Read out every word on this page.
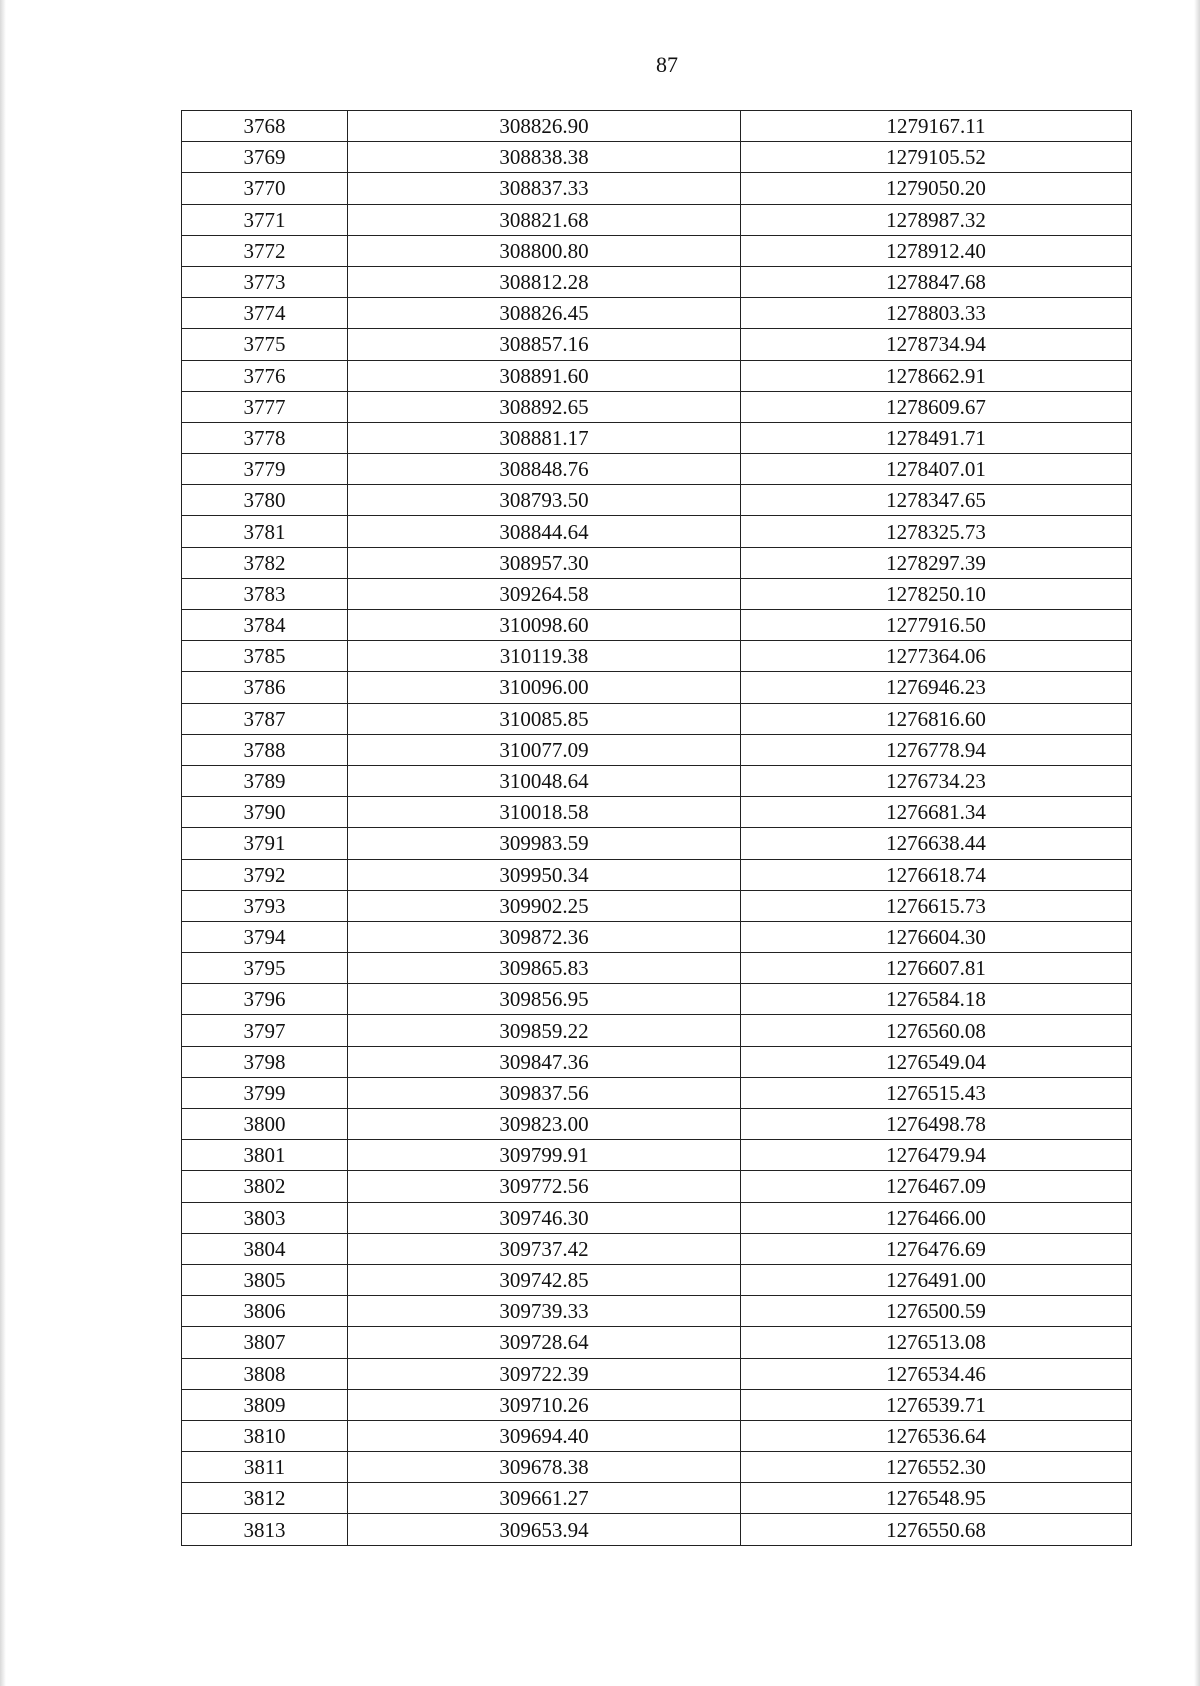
87
3768	308826.90	1279167.11
3769	308838.38	1279105.52
3770	308837.33	1279050.20
3771	308821.68	1278987.32
3772	308800.80	1278912.40
3773	308812.28	1278847.68
3774	308826.45	1278803.33
3775	308857.16	1278734.94
3776	308891.60	1278662.91
3777	308892.65	1278609.67
3778	308881.17	1278491.71
3779	308848.76	1278407.01
3780	308793.50	1278347.65
3781	308844.64	1278325.73
3782	308957.30	1278297.39
3783	309264.58	1278250.10
3784	310098.60	1277916.50
3785	310119.38	1277364.06
3786	310096.00	1276946.23
3787	310085.85	1276816.60
3788	310077.09	1276778.94
3789	310048.64	1276734.23
3790	310018.58	1276681.34
3791	309983.59	1276638.44
3792	309950.34	1276618.74
3793	309902.25	1276615.73
3794	309872.36	1276604.30
3795	309865.83	1276607.81
3796	309856.95	1276584.18
3797	309859.22	1276560.08
3798	309847.36	1276549.04
3799	309837.56	1276515.43
3800	309823.00	1276498.78
3801	309799.91	1276479.94
3802	309772.56	1276467.09
3803	309746.30	1276466.00
3804	309737.42	1276476.69
3805	309742.85	1276491.00
3806	309739.33	1276500.59
3807	309728.64	1276513.08
3808	309722.39	1276534.46
3809	309710.26	1276539.71
3810	309694.40	1276536.64
3811	309678.38	1276552.30
3812	309661.27	1276548.95
3813	309653.94	1276550.68
